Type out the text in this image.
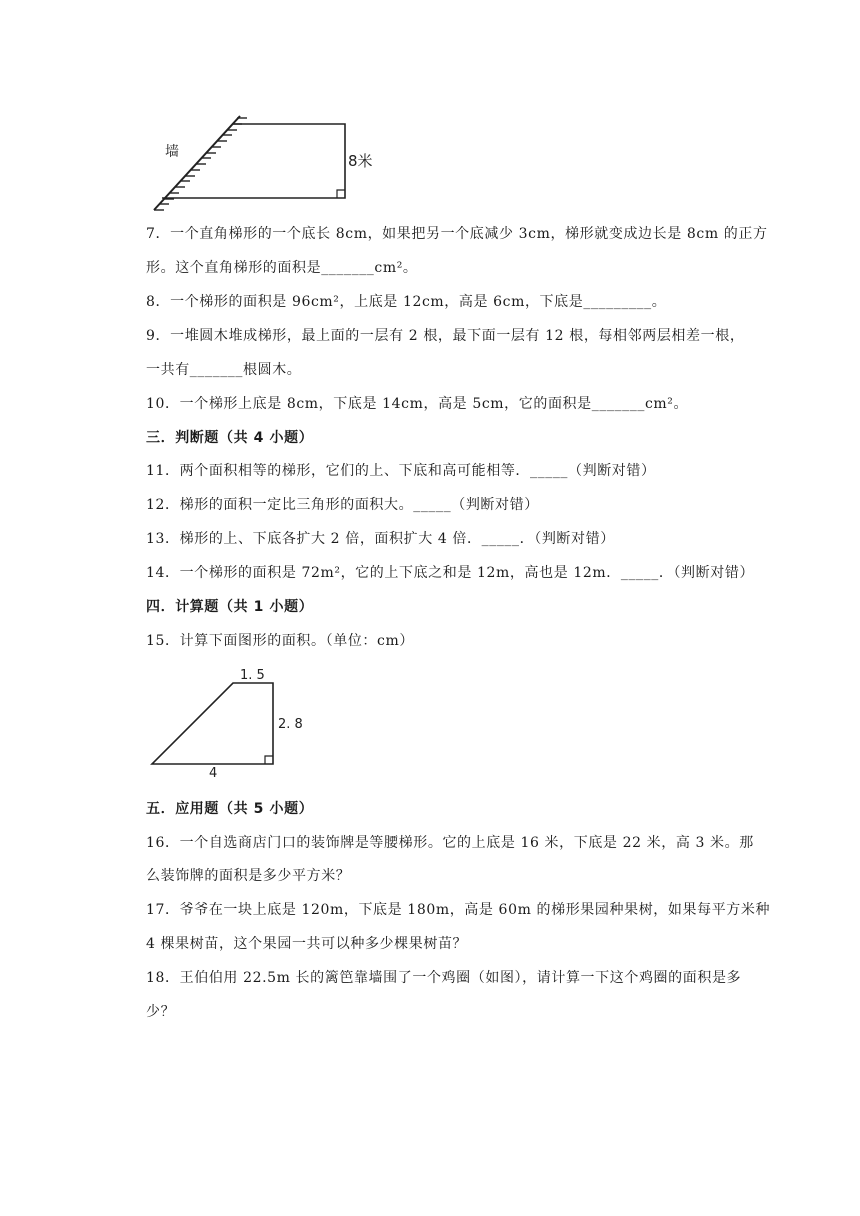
墙	8米
7．一个直角梯形的一个底长 8cm，如果把另一个底减少 3cm，梯形就变成边长是 8cm 的正方
形。这个直角梯形的面积是_______cm²。
8．一个梯形的面积是 96cm²，上底是 12cm，高是 6cm，下底是_________。
9．一堆圆木堆成梯形，最上面的一层有 2 根，最下面一层有 12 根，每相邻两层相差一根，
一共有_______根圆木。
10．一个梯形上底是 8cm，下底是 14cm，高是 5cm，它的面积是_______cm²。
三．判断题（共 4 小题）
11．两个面积相等的梯形，它们的上、下底和高可能相等．_____（判断对错）
12．梯形的面积一定比三角形的面积大。_____（判断对错）
13．梯形的上、下底各扩大 2 倍，面积扩大 4 倍．_____．（判断对错）
14．一个梯形的面积是 72m²，它的上下底之和是 12m，高也是 12m．_____．（判断对错）
四．计算题（共 1 小题）
15．计算下面图形的面积。（单位：cm）
1. 5
2. 8
4
五．应用题（共 5 小题）
16．一个自选商店门口的装饰牌是等腰梯形。它的上底是 16 米，下底是 22 米，高 3 米。那
么装饰牌的面积是多少平方米？
17．爷爷在一块上底是 120m，下底是 180m，高是 60m 的梯形果园种果树，如果每平方米种
4 棵果树苗，这个果园一共可以种多少棵果树苗？
18．王伯伯用 22.5m 长的篱笆靠墙围了一个鸡圈（如图），请计算一下这个鸡圈的面积是多
少？
